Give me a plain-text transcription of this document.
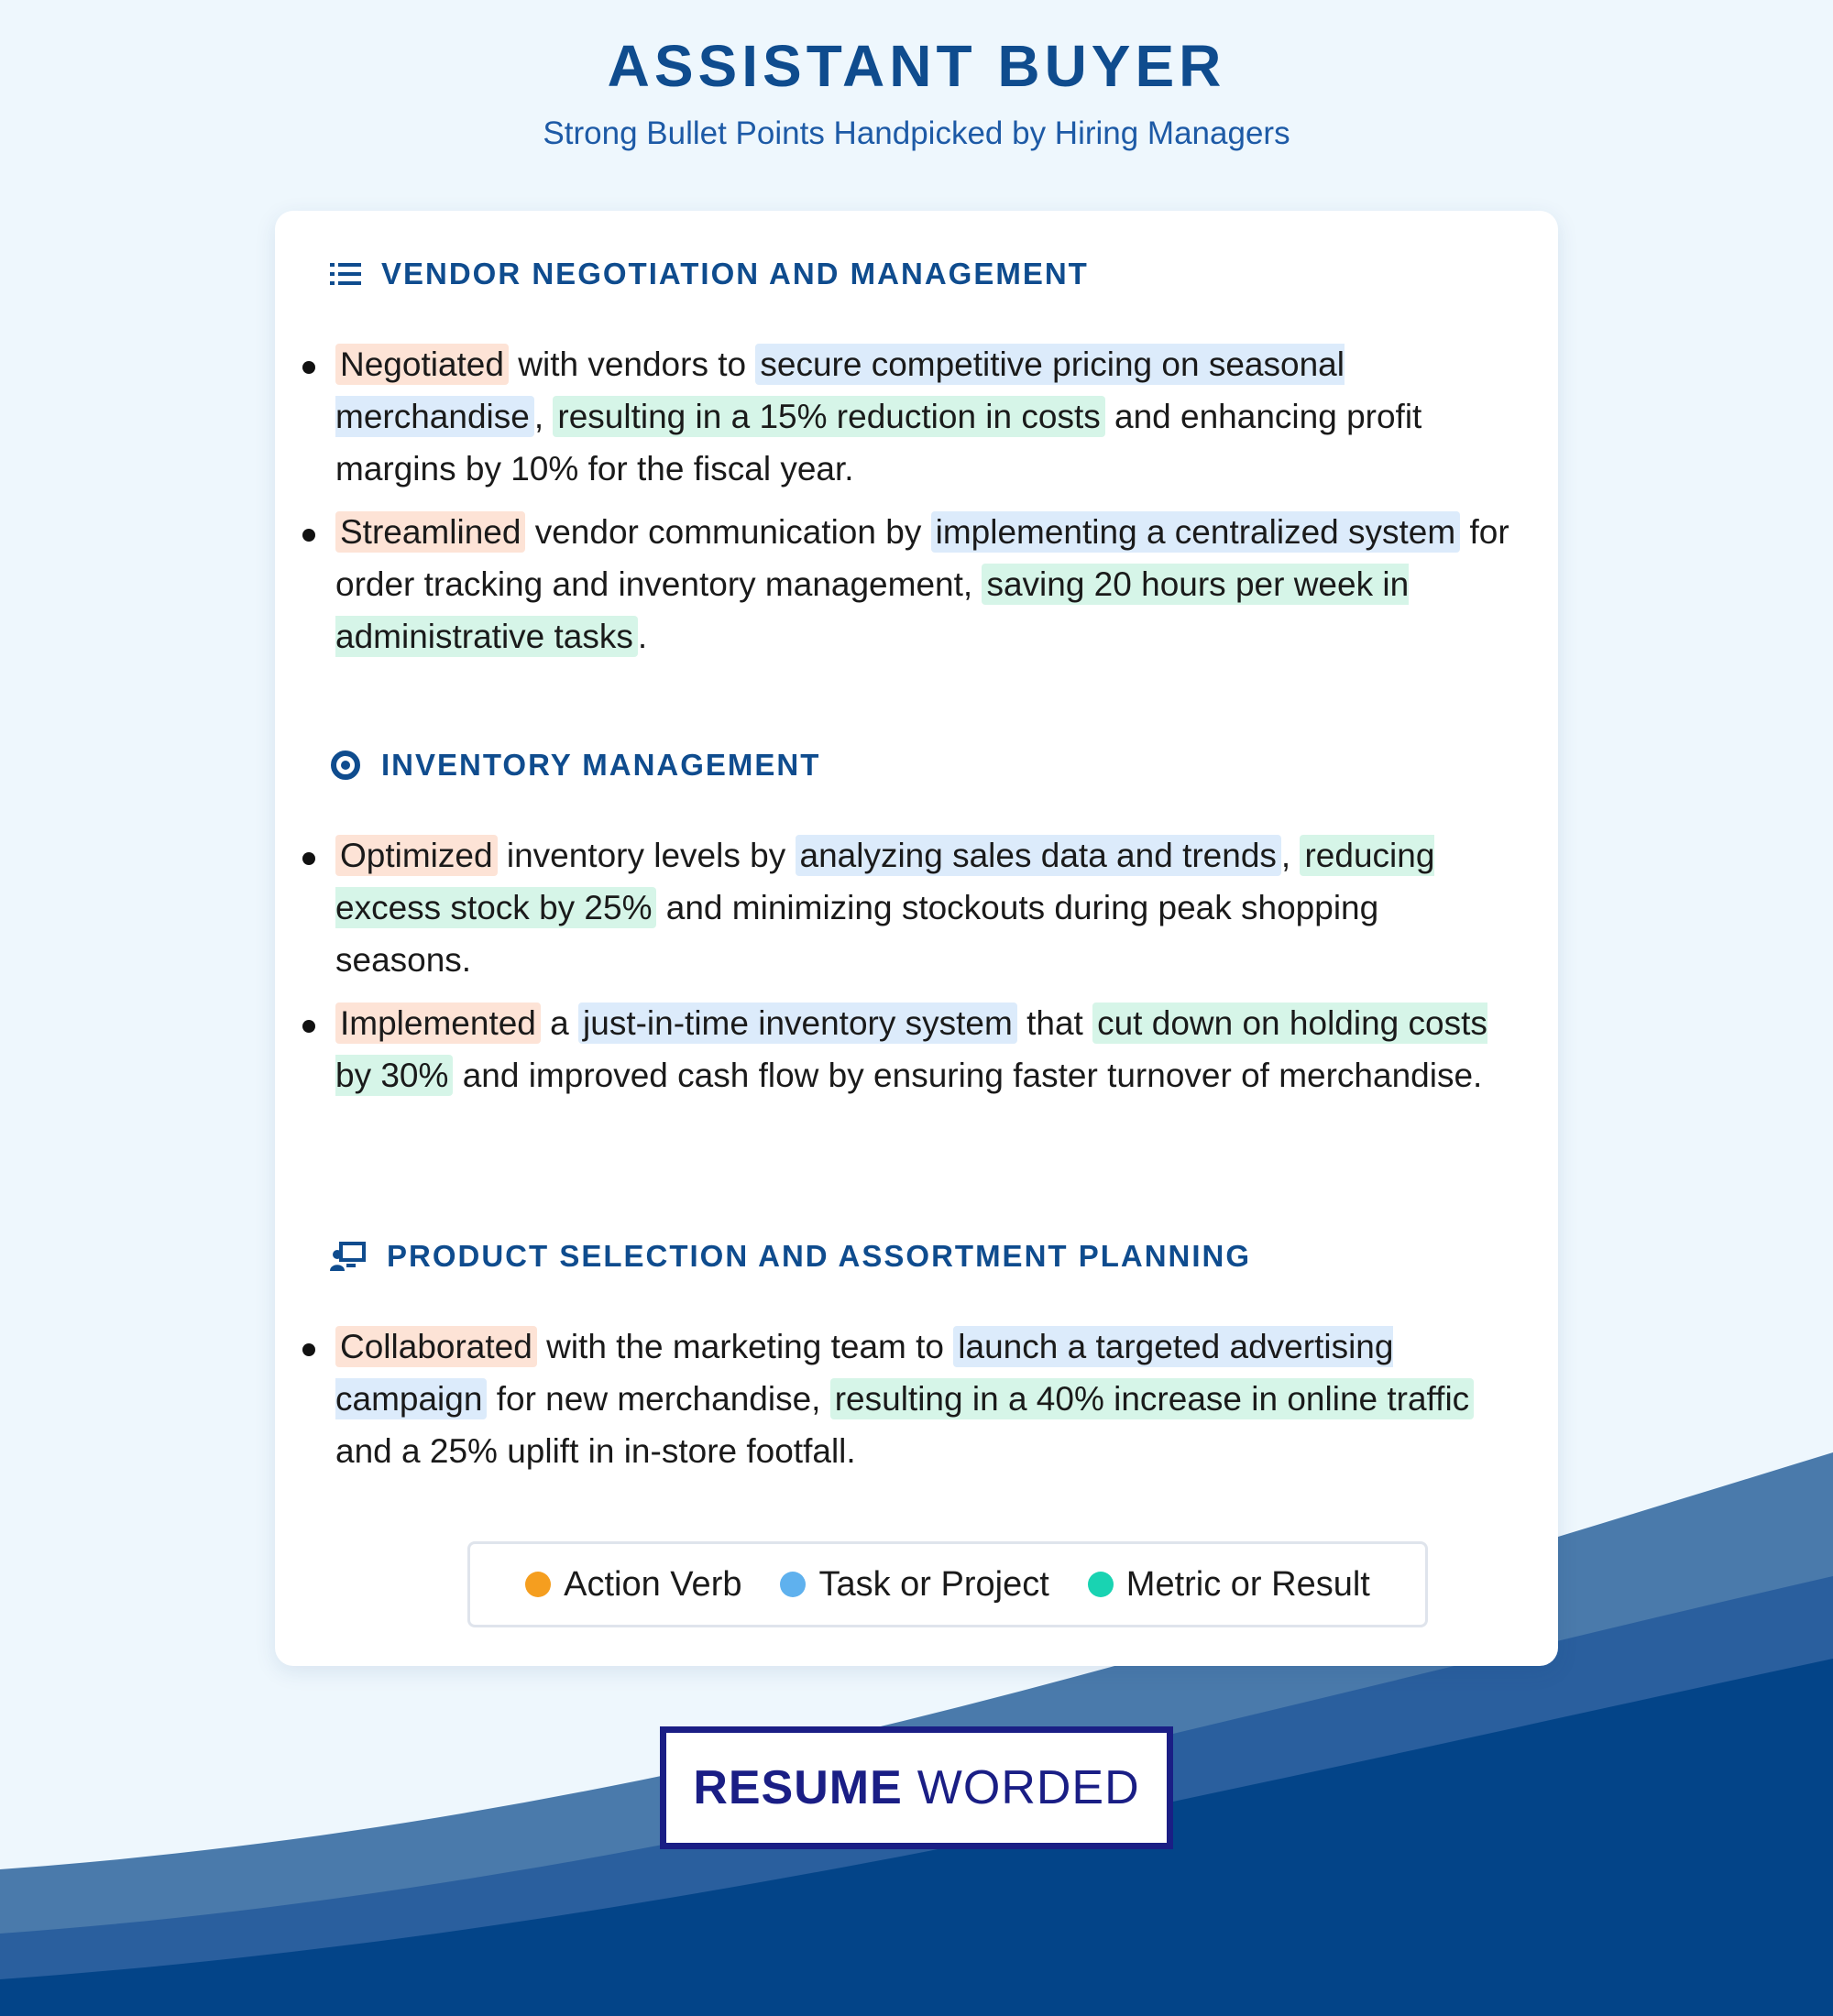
ASSISTANT BUYER
Strong Bullet Points Handpicked by Hiring Managers
VENDOR NEGOTIATION AND MANAGEMENT
Negotiated with vendors to secure competitive pricing on seasonal merchandise , resulting in a 15% reduction in costs and enhancing profit margins by 10% for the fiscal year.
Streamlined vendor communication by implementing a centralized system for order tracking and inventory management, saving 20 hours per week in administrative tasks .
INVENTORY MANAGEMENT
Optimized inventory levels by analyzing sales data and trends , reducing excess stock by 25% and minimizing stockouts during peak shopping seasons.
Implemented a just-in-time inventory system that cut down on holding costs by 30% and improved cash flow by ensuring faster turnover of merchandise.
PRODUCT SELECTION AND ASSORTMENT PLANNING
Collaborated with the marketing team to launch a targeted advertising campaign for new merchandise, resulting in a 40% increase in online traffic and a 25% uplift in in-store footfall.
Action Verb Task or Project Metric or Result
RESUME WORDED
